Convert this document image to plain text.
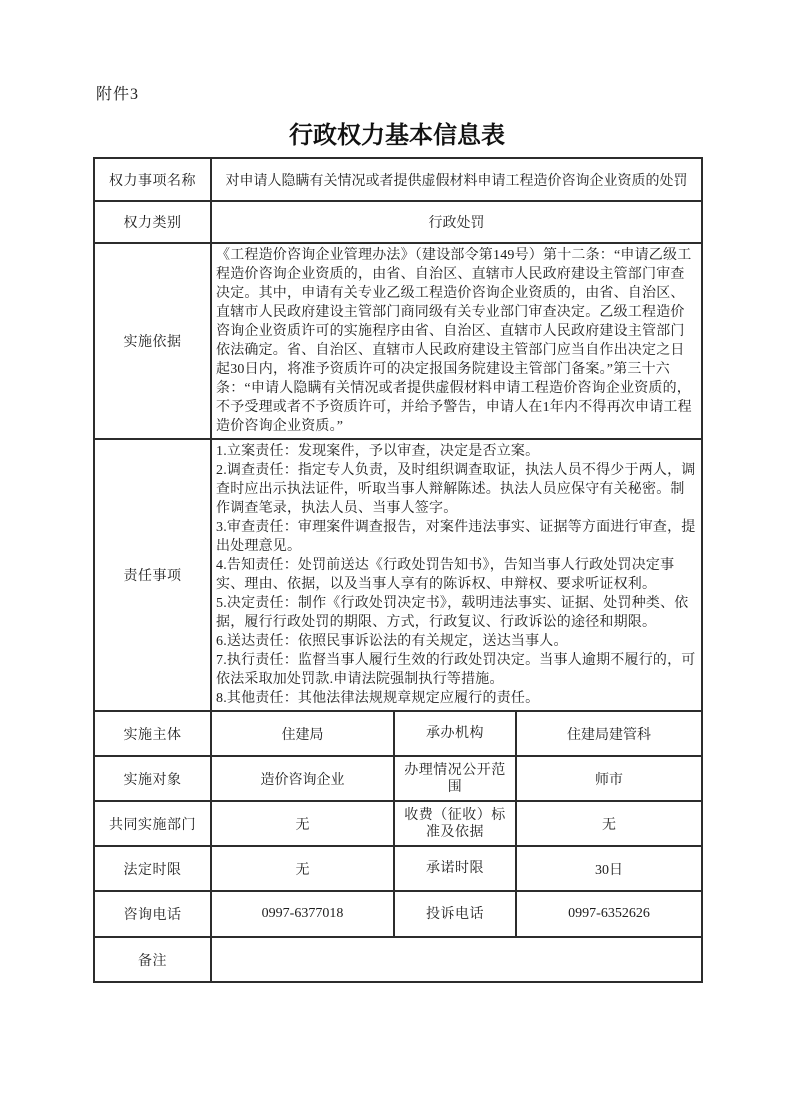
附件3
行政权力基本信息表
权力事项名称	对申请人隐瞒有关情况或者提供虚假材料申请工程造价咨询企业资质的处罚		
权力类别	行政处罚		
实施依据	《工程造价咨询企业管理办法》（建设部令第149号）第十二条：“申请乙级工程造价咨询企业资质的，由省、自治区、直辖市人民政府建设主管部门审查决定。其中，申请有关专业乙级工程造价咨询企业资质的，由省、自治区、直辖市人民政府建设主管部门商同级有关专业部门审查决定。乙级工程造价咨询企业资质许可的实施程序由省、自治区、直辖市人民政府建设主管部门依法确定。省、自治区、直辖市人民政府建设主管部门应当自作出决定之日起30日内，将准予资质许可的决定报国务院建设主管部门备案。”第三十六条：“申请人隐瞒有关情况或者提供虚假材料申请工程造价咨询企业资质的，不予受理或者不予资质许可，并给予警告，申请人在1年内不得再次申请工程造价咨询企业资质。”		
责任事项	
1.立案责任：发现案件，予以审查，决定是否立案。
2.调查责任：指定专人负责，及时组织调查取证，执法人员不得少于两人，调查时应出示执法证件，听取当事人辩解陈述。执法人员应保守有关秘密。制作调查笔录，执法人员、当事人签字。
3.审查责任：审理案件调查报告，对案件违法事实、证据等方面进行审查，提出处理意见。
4.告知责任：处罚前送达《行政处罚告知书》，告知当事人行政处罚决定事实、理由、依据，以及当事人享有的陈诉权、申辩权、要求听证权利。
5.决定责任：制作《行政处罚决定书》，载明违法事实、证据、处罚种类、依据，履行行政处罚的期限、方式，行政复议、行政诉讼的途径和期限。
6.送达责任：依照民事诉讼法的有关规定，送达当事人。
7.执行责任：监督当事人履行生效的行政处罚决定。当事人逾期不履行的，可依法采取加处罚款.申请法院强制执行等措施。
8.其他责任：其他法律法规规章规定应履行的责任。

实施主体	住建局	承办机构	住建局建管科
实施对象	造价咨询企业	办理情况公开范围	师市
共同实施部门	无	收费（征收）标准及依据	无
法定时限	无	承诺时限	30日
咨询电话	0997-6377018	投诉电话	0997-6352626
备注			
